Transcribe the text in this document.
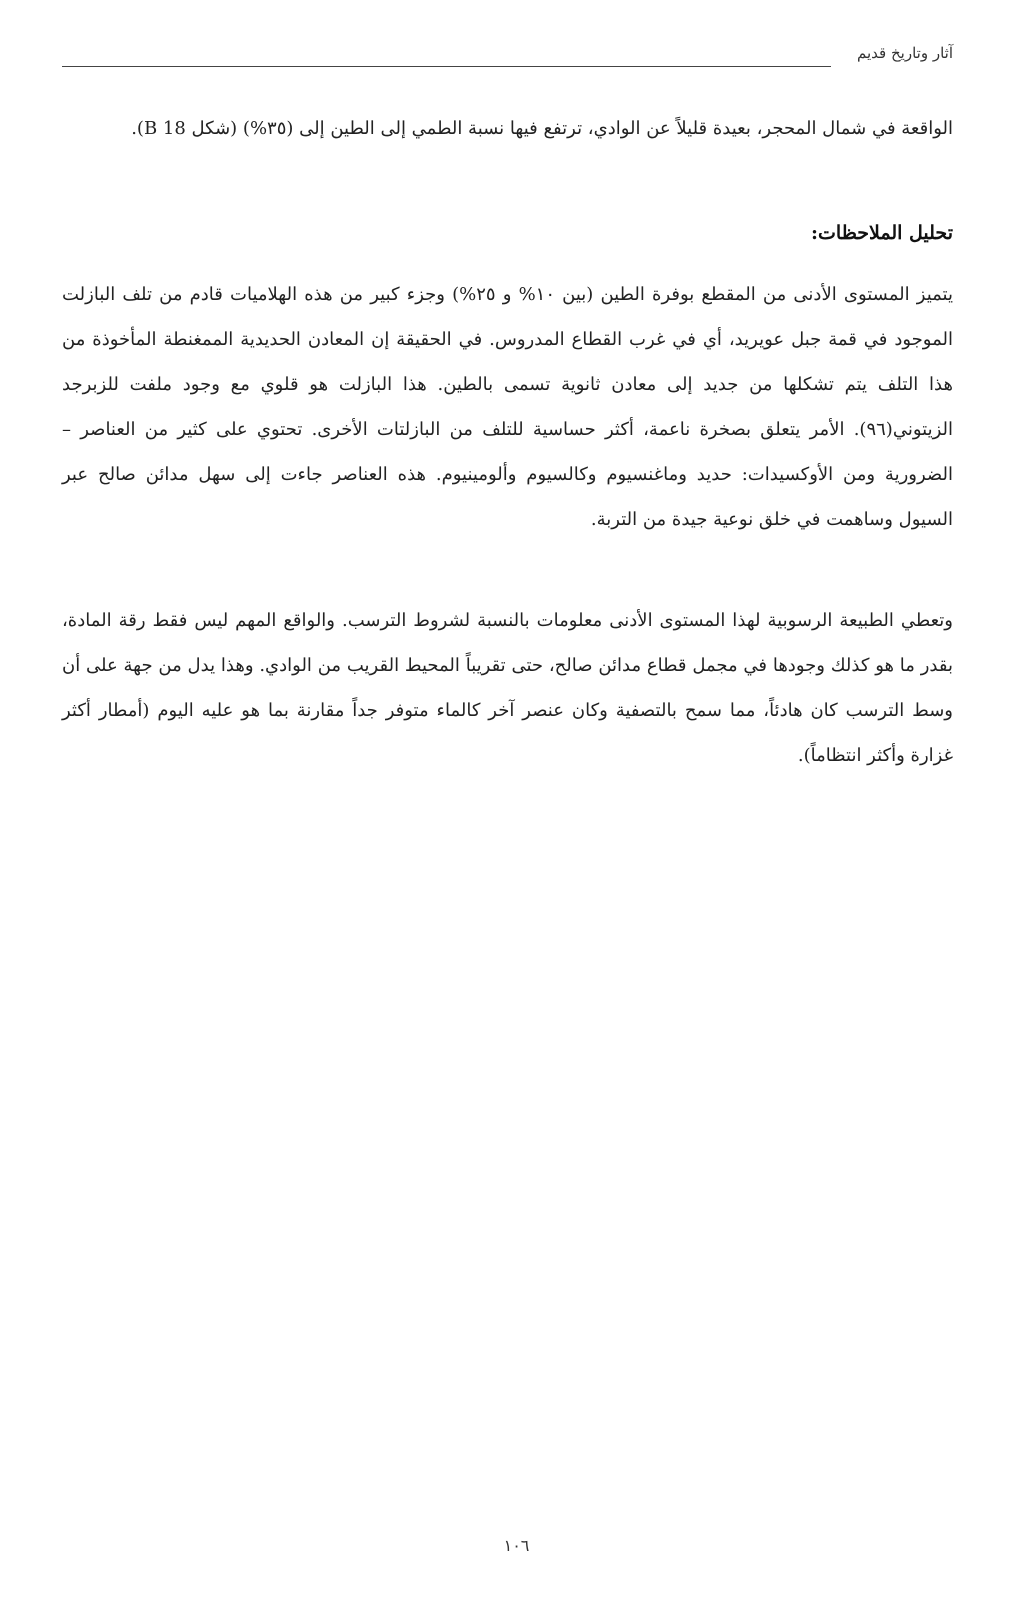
آثار وتاريخ قديم

الواقعة في شمال المحجر، بعيدة قليلاً عن الوادي، ترتفع فيها نسبة الطمي إلى الطين إلى (٣٥%) (شكل B 18).

تحليل الملاحظات:

يتميز المستوى الأدنى من المقطع بوفرة الطين (بين ١٠% و ٢٥%) وجزء كبير من هذه الهلاميات قادم من تلف البازلت الموجود في قمة جبل عويريد، أي في غرب القطاع المدروس. في الحقيقة إن المعادن الحديدية الممغنطة المأخوذة من هذا التلف يتم تشكلها من جديد إلى معادن ثانوية تسمى بالطين. هذا البازلت هو قلوي مع وجود ملفت للزبرجد الزيتوني(٩٦). الأمر يتعلق بصخرة ناعمة، أكثر حساسية للتلف من البازلتات الأخرى. تحتوي على كثير من العناصر – الضرورية ومن الأوكسيدات: حديد وماغنسيوم وكالسيوم وألومينيوم. هذه العناصر جاءت إلى سهل مدائن صالح عبر السيول وساهمت في خلق نوعية جيدة من التربة.

وتعطي الطبيعة الرسوبية لهذا المستوى الأدنى معلومات بالنسبة لشروط الترسب. والواقع المهم ليس فقط رقة المادة، بقدر ما هو كذلك وجودها في مجمل قطاع مدائن صالح، حتى تقريباً المحيط القريب من الوادي. وهذا يدل من جهة على أن وسط الترسب كان هادئاً، مما سمح بالتصفية وكان عنصر آخر كالماء متوفر جداً مقارنة بما هو عليه اليوم (أمطار أكثر غزارة وأكثر انتظاماً).

١٠٦
